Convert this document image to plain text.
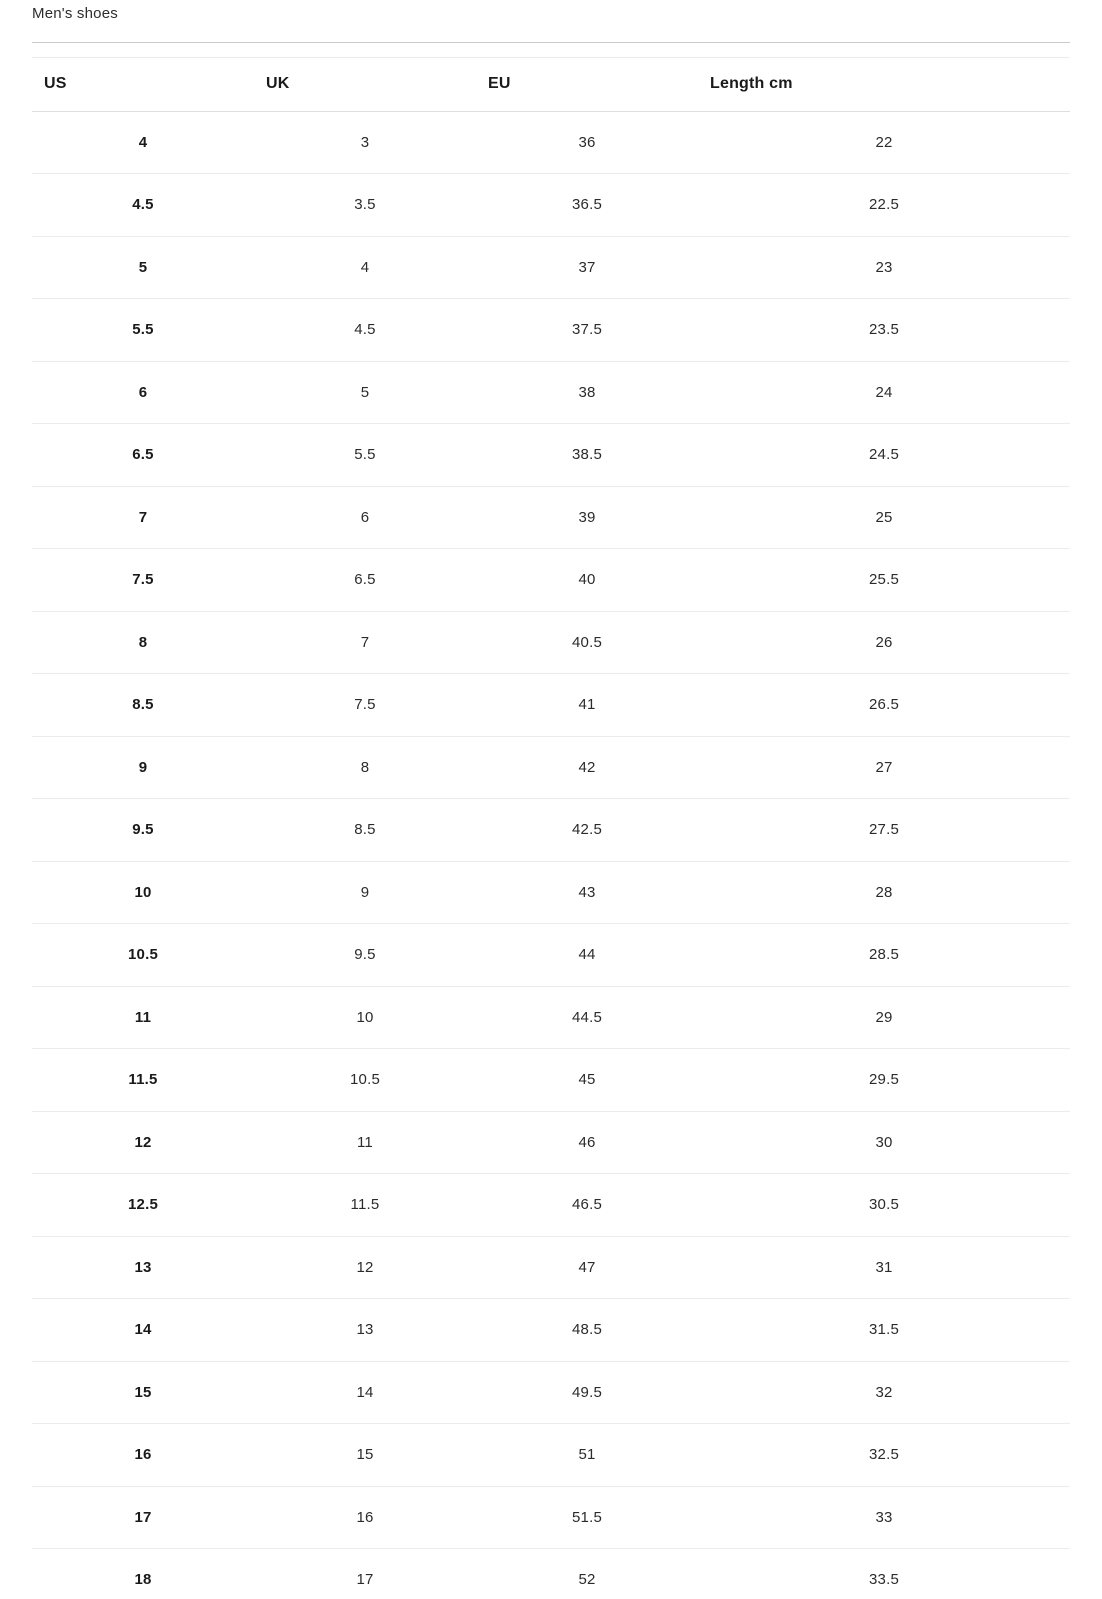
Men's shoes
US	UK	EU	Length cm
4	3	36	22
4.5	3.5	36.5	22.5
5	4	37	23
5.5	4.5	37.5	23.5
6	5	38	24
6.5	5.5	38.5	24.5
7	6	39	25
7.5	6.5	40	25.5
8	7	40.5	26
8.5	7.5	41	26.5
9	8	42	27
9.5	8.5	42.5	27.5
10	9	43	28
10.5	9.5	44	28.5
11	10	44.5	29
11.5	10.5	45	29.5
12	11	46	30
12.5	11.5	46.5	30.5
13	12	47	31
14	13	48.5	31.5
15	14	49.5	32
16	15	51	32.5
17	16	51.5	33
18	17	52	33.5
